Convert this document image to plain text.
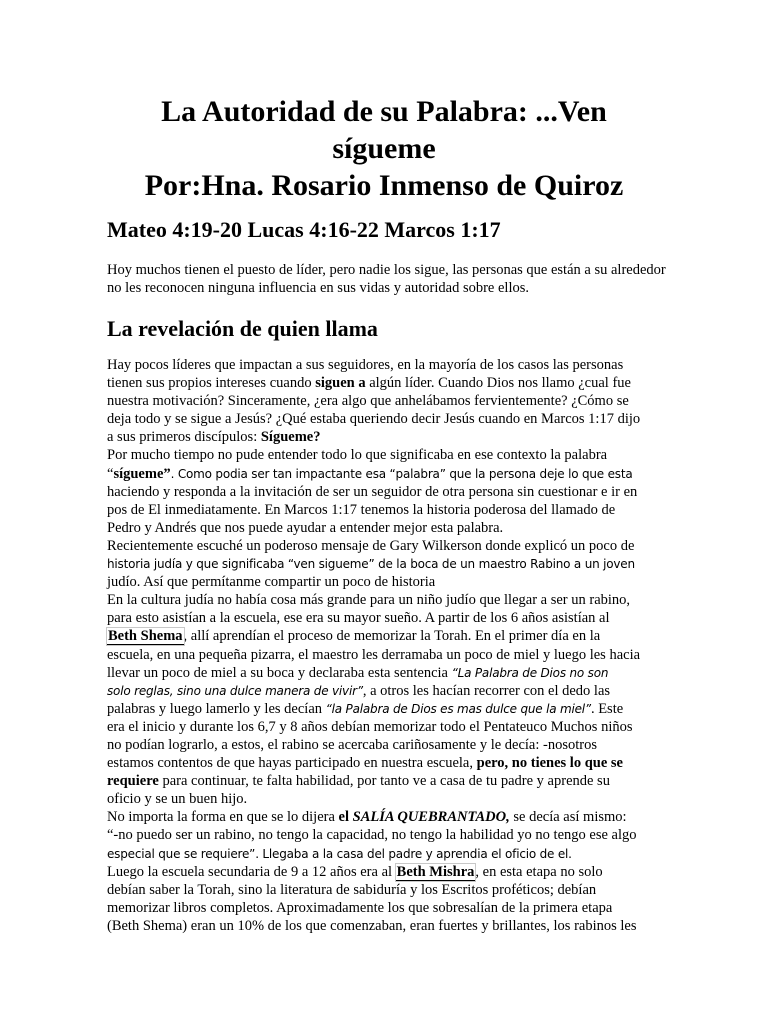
La Autoridad de su Palabra: ...Ven
sígueme
Por:Hna. Rosario Inmenso de Quiroz
Mateo 4:19-20 Lucas 4:16-22 Marcos 1:17

Hoy muchos tienen el puesto de líder, pero nadie los sigue, las personas que están a su alrededor no les reconocen ninguna influencia en sus vidas y autoridad sobre ellos.

La revelación de quien llama
Hay pocos líderes que impactan a sus seguidores, en la mayoría de los casos las personas
tienen sus propios intereses cuando siguen a algún líder. Cuando Dios nos llamo ¿cual fue
nuestra motivación? Sinceramente, ¿era algo que anhelábamos fervientemente? ¿Cómo se
deja todo y se sigue a Jesús? ¿Qué estaba queriendo decir Jesús cuando en Marcos 1:17 dijo
a sus primeros discípulos: Sígueme?
Por mucho tiempo no pude entender todo lo que significaba en ese contexto la palabra
“sígueme”. Como podia ser tan impactante esa “palabra” que la persona deje lo que esta
haciendo y responda a la invitación de ser un seguidor de otra persona sin cuestionar e ir en
pos de El inmediatamente. En Marcos 1:17 tenemos la historia poderosa del llamado de
Pedro y Andrés que nos puede ayudar a entender mejor esta palabra.
Recientemente escuché un poderoso mensaje de Gary Wilkerson donde explicó un poco de
historia judía y que significaba “ven sigueme” de la boca de un maestro Rabino a un joven
judío. Así que permítanme compartir un poco de historia
En la cultura judía no había cosa más grande para un niño judío que llegar a ser un rabino,
para esto asistían a la escuela, ese era su mayor sueño. A partir de los 6 años asistían al
Beth Shema, allí aprendían el proceso de memorizar la Torah. En el primer día en la
escuela, en una pequeña pizarra, el maestro les derramaba un poco de miel y luego les hacia
llevar un poco de miel a su boca y declaraba esta sentencia “La Palabra de Dios no son
solo reglas, sino una dulce manera de vivir”, a otros les hacían recorrer con el dedo las
palabras y luego lamerlo y les decían “la Palabra de Dios es mas dulce que la miel”. Este
era el inicio y durante los 6,7 y 8 años debían memorizar todo el Pentateuco Muchos niños
no podían lograrlo, a estos, el rabino se acercaba cariñosamente y le decía: -nosotros
estamos contentos de que hayas participado en nuestra escuela, pero, no tienes lo que se
requiere para continuar, te falta habilidad, por tanto ve a casa de tu padre y aprende su
oficio y se un buen hijo.
No importa la forma en que se lo dijera el SALÍA QUEBRANTADO, se decía así mismo:
“-no puedo ser un rabino, no tengo la capacidad, no tengo la habilidad yo no tengo ese algo
especial que se requiere”. Llegaba a la casa del padre y aprendia el oficio de el.
Luego la escuela secundaria de 9 a 12 años era al Beth Mishra, en esta etapa no solo
debían saber la Torah, sino la literatura de sabiduría y los Escritos proféticos; debían
memorizar libros completos. Aproximadamente los que sobresalían de la primera etapa
(Beth Shema) eran un 10% de los que comenzaban, eran fuertes y brillantes, los rabinos les
